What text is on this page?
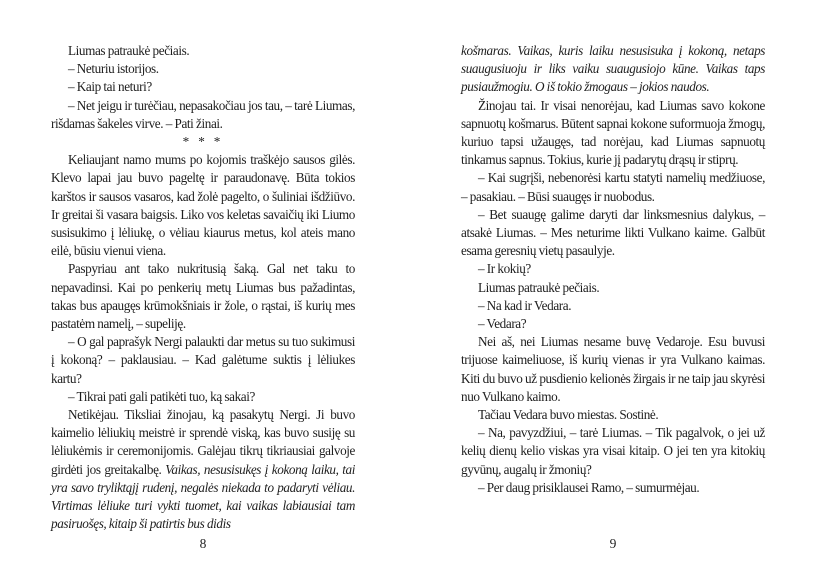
Liumas patraukė pečiais.

– Neturiu istorijos.

– Kaip tai neturi?

– Net jeigu ir turėčiau, nepasakočiau jos tau, – tarė Liumas, rišdamas šakeles virve. – Pati žinai.

* * *

Keliaujant namo mums po kojomis traškėjo sausos gilės. Klevo lapai jau buvo pageltę ir paraudonavę. Būta tokios karštos ir sausos vasaros, kad žolė pagelto, o šuliniai išdžiūvo. Ir greitai ši vasara baigsis. Liko vos keletas savaičių iki Liumo susisukimo į lėliukę, o vėliau kiaurus metus, kol ateis mano eilė, būsiu vienui viena.

Paspyriau ant tako nukritusią šaką. Gal net taku to nepavadinsi. Kai po penkerių metų Liumas bus pažadintas, takas bus apaugęs krūmokšniais ir žole, o rąstai, iš kurių mes pastatėm namelį, – supeliję.

– O gal paprašyk Nergi palaukti dar metus su tuo sukimusi į kokoną? – paklausiau. – Kad galėtume suktis į lėliukes kartu?

– Tikrai pati gali patikėti tuo, ką sakai?

Netikėjau. Tiksliai žinojau, ką pasakytų Nergi. Ji buvo kaimelio lėliukių meistrė ir sprendė viską, kas buvo susiję su lėliukėmis ir ceremonijomis. Galėjau tikrų tikriausiai galvoje girdėti jos greitakalbę. Vaikas, nesusisukęs į kokoną laiku, tai yra savo tryliktąjį rudenį, negalės niekada to padaryti vėliau. Virtimas lėliuke turi vykti tuomet, kai vaikas labiausiai tam pasiruošęs, kitaip ši patirtis bus didis

8

košmaras. Vaikas, kuris laiku nesusisuka į kokoną, netaps suaugusiuoju ir liks vaiku suaugusiojo kūne. Vaikas taps pusiaužmogiu. O iš tokio žmogaus – jokios naudos.

Žinojau tai. Ir visai nenorėjau, kad Liumas savo kokone sapnuotų košmarus. Būtent sapnai kokone suformuoja žmogų, kuriuo tapsi užaugęs, tad norėjau, kad Liumas sapnuotų tinkamus sapnus. Tokius, kurie jį padarytų drąsų ir stiprų.

– Kai sugrįši, nebenorėsi kartu statyti namelių medžiuose, – pasakiau. – Būsi suaugęs ir nuobodus.

– Bet suaugę galime daryti dar linksmesnius dalykus, – atsakė Liumas. – Mes neturime likti Vulkano kaime. Galbūt esama geresnių vietų pasaulyje.

– Ir kokių?

Liumas patraukė pečiais.

– Na kad ir Vedara.

– Vedara?

Nei aš, nei Liumas nesame buvę Vedaroje. Esu buvusi trijuose kaimeliuose, iš kurių vienas ir yra Vulkano kaimas. Kiti du buvo už pusdienio kelionės žirgais ir ne taip jau skyrėsi nuo Vulkano kaimo.

Tačiau Vedara buvo miestas. Sostinė.

– Na, pavyzdžiui, – tarė Liumas. – Tik pagalvok, o jei už kelių dienų kelio viskas yra visai kitaip. O jei ten yra kitokių gyvūnų, augalų ir žmonių?

– Per daug prisiklausei Ramo, – sumurmėjau.

9
